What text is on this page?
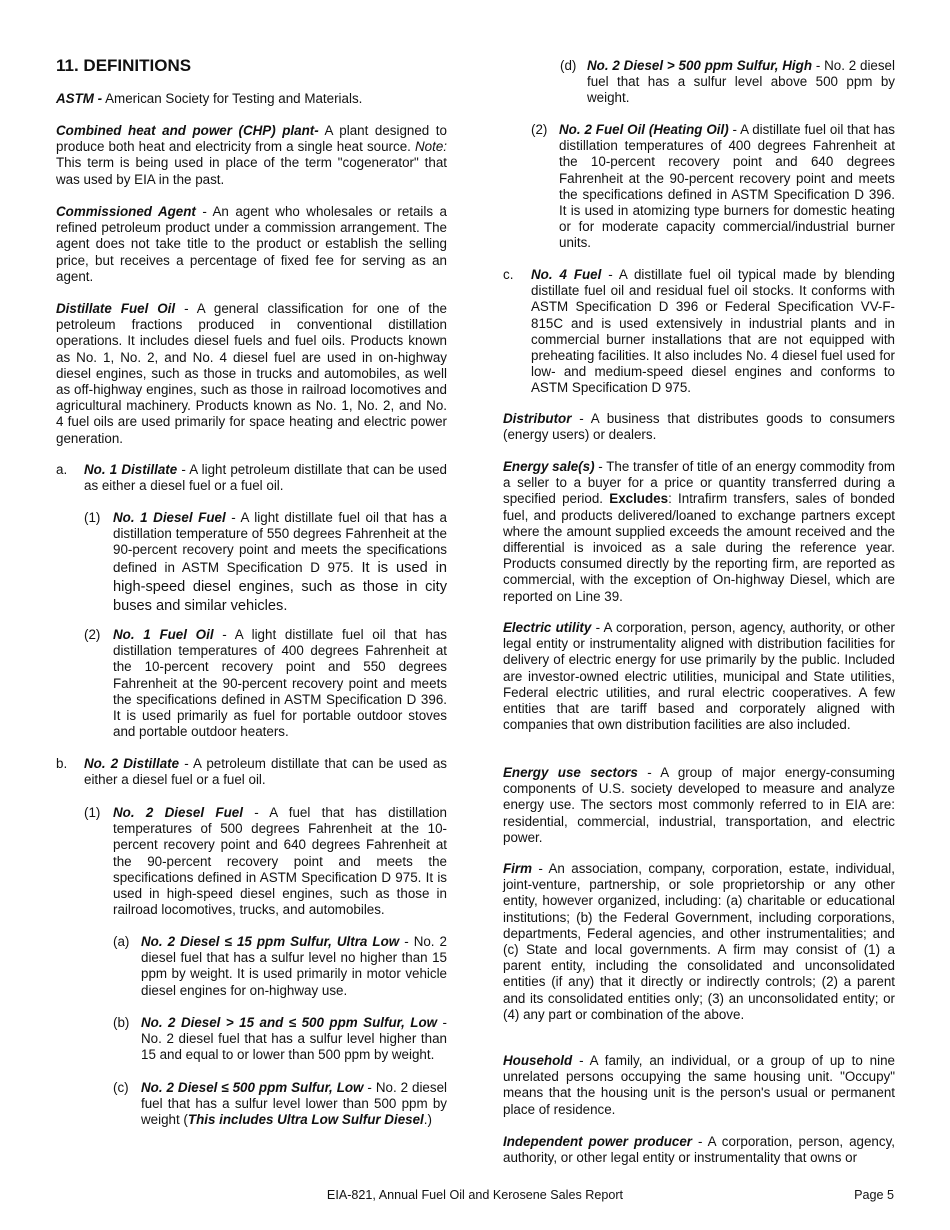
11. DEFINITIONS

ASTM - American Society for Testing and Materials.

Combined heat and power (CHP) plant- A plant designed to produce both heat and electricity from a single heat source. Note: This term is being used in place of the term "cogenerator" that was used by EIA in the past.

Commissioned Agent - An agent who wholesales or retails a refined petroleum product under a commission arrangement. The agent does not take title to the product or establish the selling price, but receives a percentage of fixed fee for serving as an agent.

Distillate Fuel Oil - A general classification for one of the petroleum fractions produced in conventional distillation operations. It includes diesel fuels and fuel oils. Products known as No. 1, No. 2, and No. 4 diesel fuel are used in on-highway diesel engines, such as those in trucks and automobiles, as well as off-highway engines, such as those in railroad locomotives and agricultural machinery. Products known as No. 1, No. 2, and No. 4 fuel oils are used primarily for space heating and electric power generation.

a.	No. 1 Distillate - A light petroleum distillate that can be used as either a diesel fuel or a fuel oil.
(1) No. 1 Diesel Fuel - A light distillate fuel oil that has a distillation temperature of 550 degrees Fahrenheit at the 90-percent recovery point and meets the specifications defined in ASTM Specification D 975. It is used in high-speed diesel engines, such as those in city buses and similar vehicles.
(2) No. 1 Fuel Oil - A light distillate fuel oil that has distillation temperatures of 400 degrees Fahrenheit at the 10-percent recovery point and 550 degrees Fahrenheit at the 90-percent recovery point and meets the specifications defined in ASTM Specification D 396. It is used primarily as fuel for portable outdoor stoves and portable outdoor heaters.
b.	No. 2 Distillate - A petroleum distillate that can be used as either a diesel fuel or a fuel oil.
(1) No. 2 Diesel Fuel - A fuel that has distillation temperatures of 500 degrees Fahrenheit at the 10-percent recovery point and 640 degrees Fahrenheit at the 90-percent recovery point and meets the specifications defined in ASTM Specification D 975. It is used in high-speed diesel engines, such as those in railroad locomotives, trucks, and automobiles.
(a) No. 2 Diesel ≤ 15 ppm Sulfur, Ultra Low - No. 2 diesel fuel that has a sulfur level no higher than 15 ppm by weight. It is used primarily in motor vehicle diesel engines for on-highway use.
(b) No. 2 Diesel > 15 and ≤ 500 ppm Sulfur, Low - No. 2 diesel fuel that has a sulfur level higher than 15 and equal to or lower than 500 ppm by weight.
(c) No. 2 Diesel ≤ 500 ppm Sulfur, Low - No. 2 diesel fuel that has a sulfur level lower than 500 ppm by weight (This includes Ultra Low Sulfur Diesel.)
(d) No. 2 Diesel > 500 ppm Sulfur, High - No. 2 diesel fuel that has a sulfur level above 500 ppm by weight.
(2) No. 2 Fuel Oil (Heating Oil) - A distillate fuel oil that has distillation temperatures of 400 degrees Fahrenheit at the 10-percent recovery point and 640 degrees Fahrenheit at the 90-percent recovery point and meets the specifications defined in ASTM Specification D 396. It is used in atomizing type burners for domestic heating or for moderate capacity commercial/industrial burner units.
c.	No. 4 Fuel - A distillate fuel oil typical made by blending distillate fuel oil and residual fuel oil stocks. It conforms with ASTM Specification D 396 or Federal Specification VV-F-815C and is used extensively in industrial plants and in commercial burner installations that are not equipped with preheating facilities. It also includes No. 4 diesel fuel used for low- and medium-speed diesel engines and conforms to ASTM Specification D 975.

Distributor - A business that distributes goods to consumers (energy users) or dealers.

Energy sale(s) - The transfer of title of an energy commodity from a seller to a buyer for a price or quantity transferred during a specified period. Excludes: Intrafirm transfers, sales of bonded fuel, and products delivered/loaned to exchange partners except where the amount supplied exceeds the amount received and the differential is invoiced as a sale during the reference year. Products consumed directly by the reporting firm, are reported as commercial, with the exception of On-highway Diesel, which are reported on Line 39.

Electric utility - A corporation, person, agency, authority, or other legal entity or instrumentality aligned with distribution facilities for delivery of electric energy for use primarily by the public. Included are investor-owned electric utilities, municipal and State utilities, Federal electric utilities, and rural electric cooperatives. A few entities that are tariff based and corporately aligned with companies that own distribution facilities are also included.

Energy use sectors - A group of major energy-consuming components of U.S. society developed to measure and analyze energy use. The sectors most commonly referred to in EIA are: residential, commercial, industrial, transportation, and electric power.

Firm - An association, company, corporation, estate, individual, joint-venture, partnership, or sole proprietorship or any other entity, however organized, including: (a) charitable or educational institutions; (b) the Federal Government, including corporations, departments, Federal agencies, and other instrumentalities; and (c) State and local governments. A firm may consist of (1) a parent entity, including the consolidated and unconsolidated entities (if any) that it directly or indirectly controls; (2) a parent and its consolidated entities only; (3) an unconsolidated entity; or (4) any part or combination of the above.

Household - A family, an individual, or a group of up to nine unrelated persons occupying the same housing unit. "Occupy" means that the housing unit is the person's usual or permanent place of residence.

Independent power producer - A corporation, person, agency, authority, or other legal entity or instrumentality that owns or

EIA-821, Annual Fuel Oil and Kerosene Sales Report	Page 5
